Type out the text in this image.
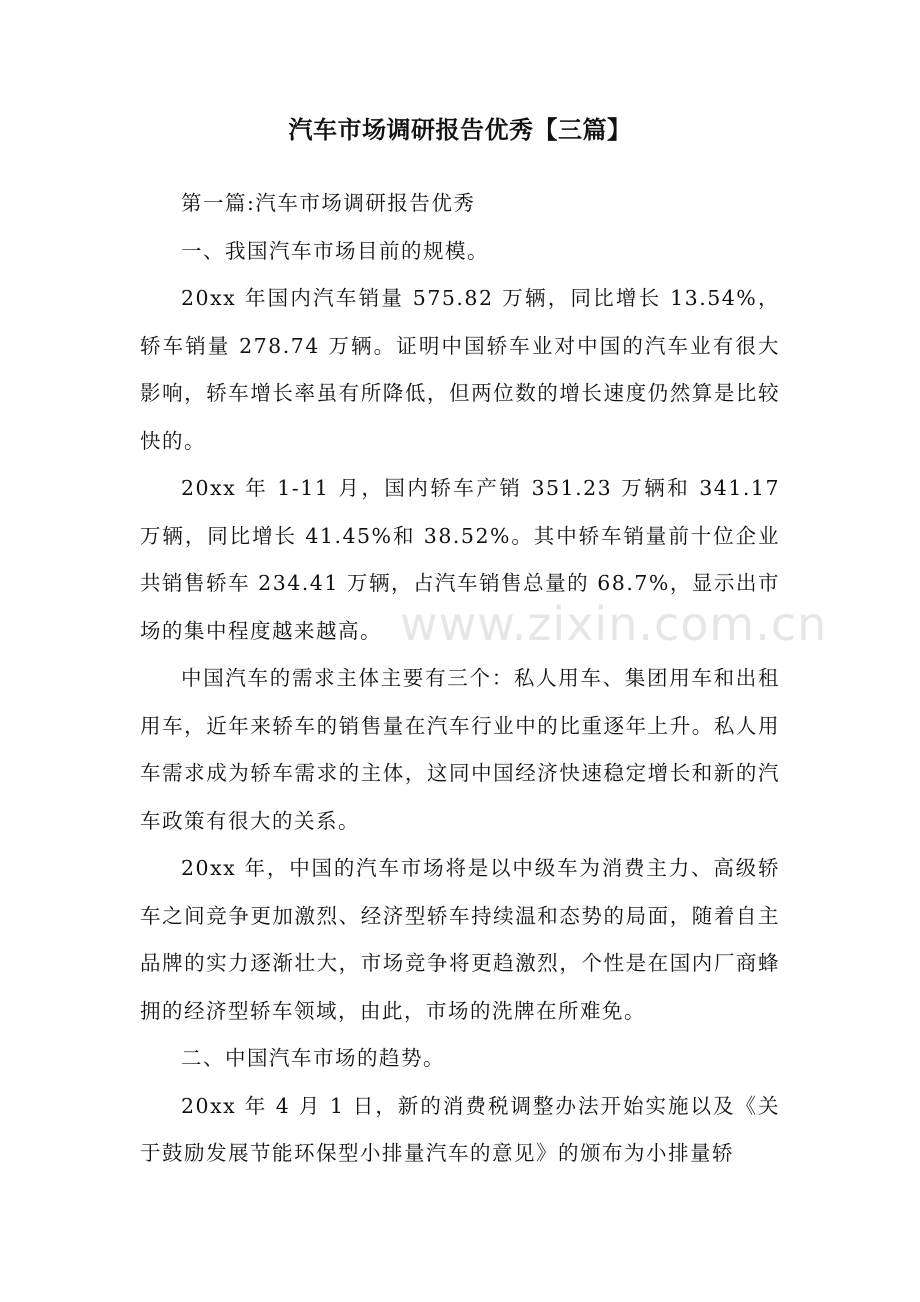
www.zixin.com.cn
汽车市场调研报告优秀【三篇】

第一篇:汽车市场调研报告优秀

一、我国汽车市场目前的规模。

20xx 年国内汽车销量 575.82 万辆，同比增长 13.54%，轿车销量 278.74 万辆。证明中国轿车业对中国的汽车业有很大影响，轿车增长率虽有所降低，但两位数的增长速度仍然算是比较快的。

20xx 年 1-11 月，国内轿车产销 351.23 万辆和 341.17 万辆，同比增长 41.45%和 38.52%。其中轿车销量前十位企业共销售轿车 234.41 万辆，占汽车销售总量的 68.7%，显示出市场的集中程度越来越高。

中国汽车的需求主体主要有三个：私人用车、集团用车和出租用车，近年来轿车的销售量在汽车行业中的比重逐年上升。私人用车需求成为轿车需求的主体，这同中国经济快速稳定增长和新的汽车政策有很大的关系。

20xx 年，中国的汽车市场将是以中级车为消费主力、高级轿车之间竞争更加激烈、经济型轿车持续温和态势的局面，随着自主品牌的实力逐渐壮大，市场竞争将更趋激烈，个性是在国内厂商蜂拥的经济型轿车领域，由此，市场的洗牌在所难免。

二、中国汽车市场的趋势。

20xx 年 4 月 1 日，新的消费税调整办法开始实施以及《关于鼓励发展节能环保型小排量汽车的意见》的颁布为小排量轿
